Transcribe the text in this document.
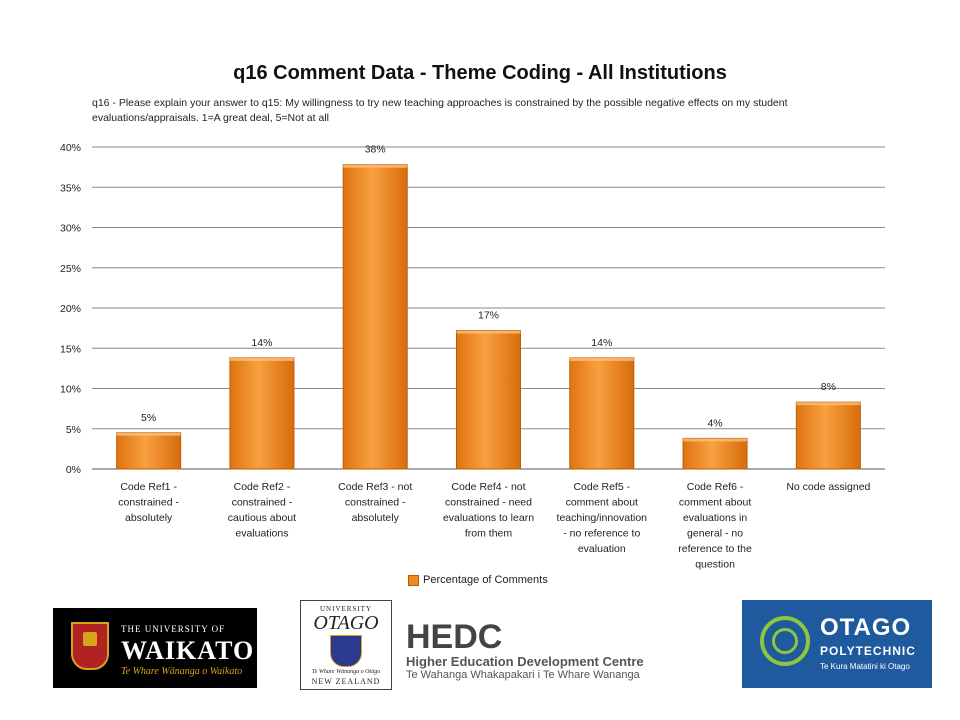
q16 Comment Data - Theme Coding - All Institutions
q16 - Please explain your answer to q15: My willingness to try new teaching approaches is constrained by the possible negative effects on my student evaluations/appraisals. 1=A great deal, 5=Not at all
0%
5%
10%
15%
20%
25%
30%
35%
40%
5%
14%
38%
17%
14%
4%
8%
Code Ref1 -constrained -absolutely
Code Ref2 -constrained -cautious about evaluations
Code Ref3 - not constrained -absolutely
Code Ref4 - not constrained - need evaluations to learn from them
Code Ref5 -comment about teaching/innovation - no reference to evaluation
Code Ref6 -comment about evaluations in general - no reference to the question
No code assigned
Percentage of Comments
THE UNIVERSITY OF
WAIKATO
Te Whare Wānanga o Waikato
UNIVERSITY
OTAGO
Te Whare Wānanga o Otāgo
NEW ZEALAND
HEDC
Higher Education Development Centre
Te Wahanga Whakapakari i Te Whare Wananga
OTAGO
POLYTECHNIC
Te Kura Matatini ki Otago
